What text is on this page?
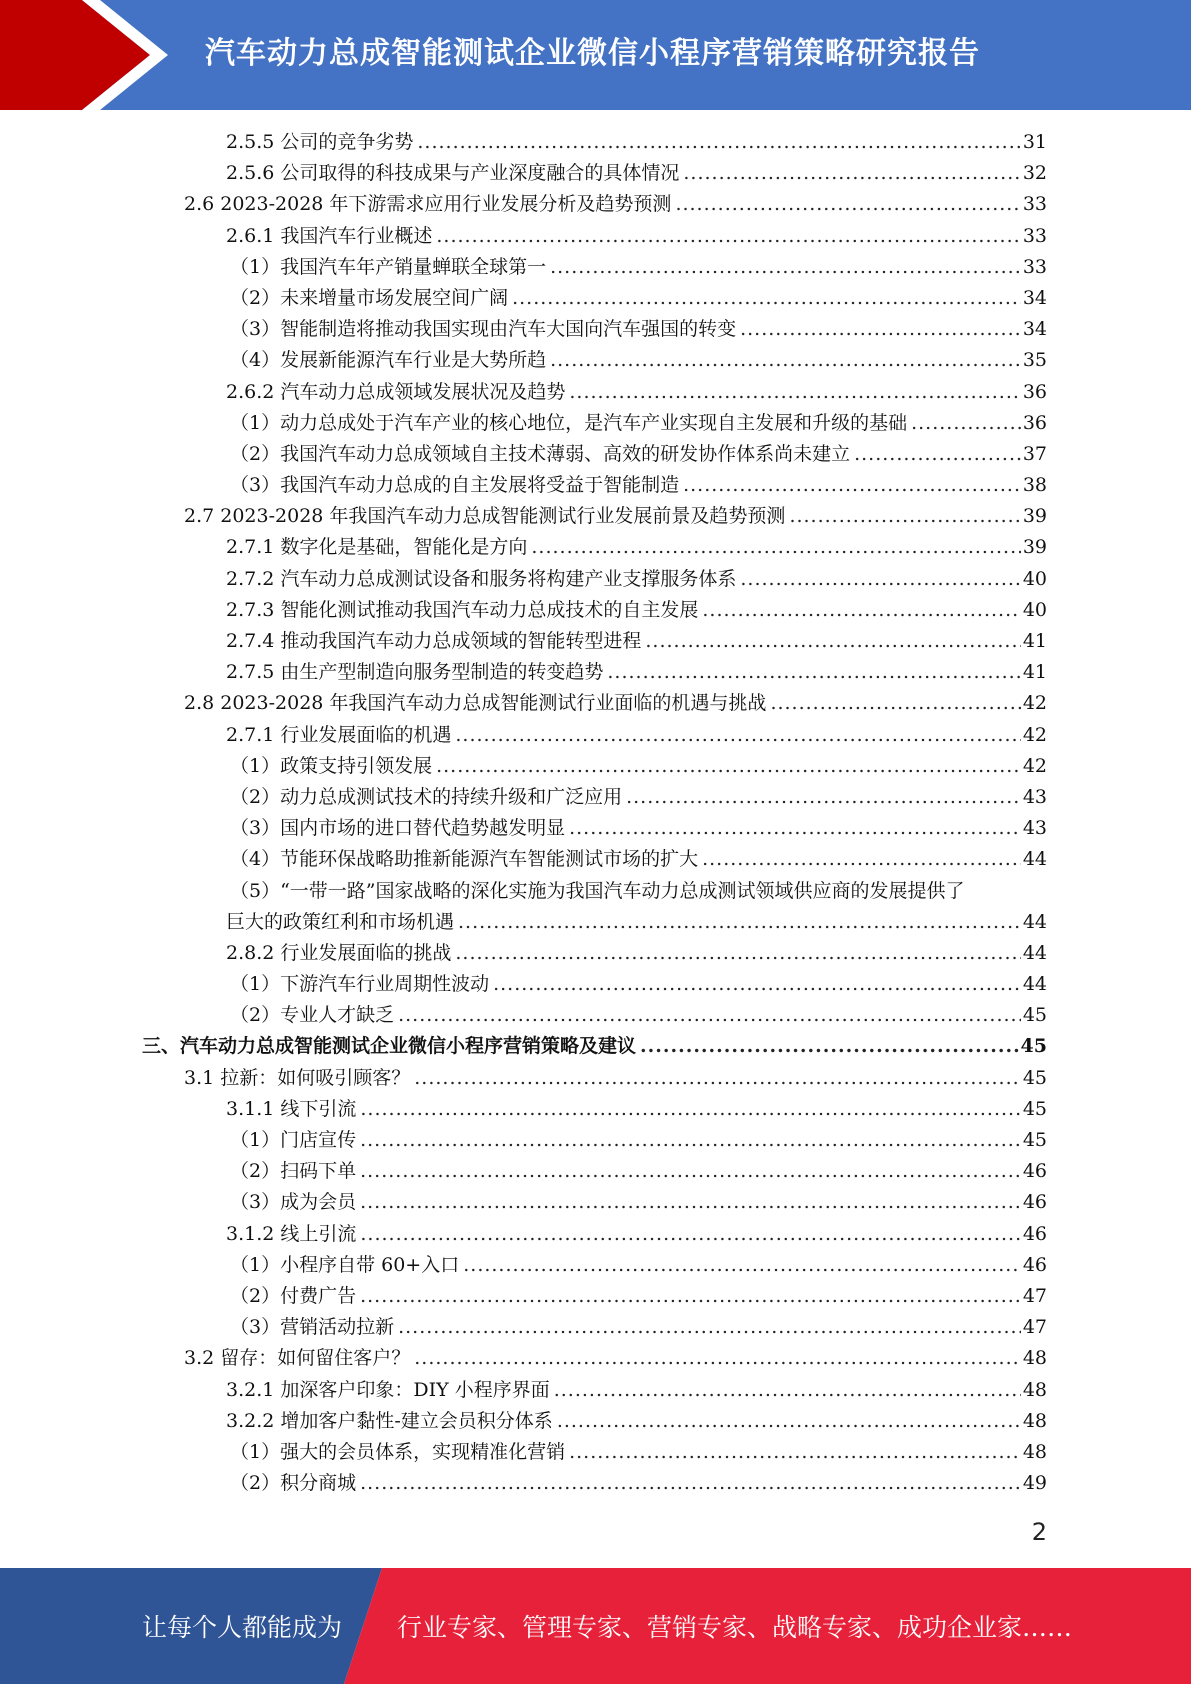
汽车动力总成智能测试企业微信小程序营销策略研究报告
2.5.5 公司的竞争劣势 .....	31
2.5.6 公司取得的科技成果与产业深度融合的具体情况 .....	32
2.6 2023-2028 年下游需求应用行业发展分析及趋势预测 .....	33
2.6.1 我国汽车行业概述 .....	33
（1）我国汽车年产销量蝉联全球第一 .....	33
（2）未来增量市场发展空间广阔 .....	34
（3）智能制造将推动我国实现由汽车大国向汽车强国的转变 .....	34
（4）发展新能源汽车行业是大势所趋 .....	35
2.6.2 汽车动力总成领域发展状况及趋势 .....	36
（1）动力总成处于汽车产业的核心地位，是汽车产业实现自主发展和升级的基础 .....	36
（2）我国汽车动力总成领域自主技术薄弱、高效的研发协作体系尚未建立 .....	37
（3）我国汽车动力总成的自主发展将受益于智能制造 .....	38
2.7 2023-2028 年我国汽车动力总成智能测试行业发展前景及趋势预测 .....	39
2.7.1 数字化是基础，智能化是方向 .....	39
2.7.2 汽车动力总成测试设备和服务将构建产业支撑服务体系 .....	40
2.7.3 智能化测试推动我国汽车动力总成技术的自主发展 .....	40
2.7.4 推动我国汽车动力总成领域的智能转型进程 .....	41
2.7.5 由生产型制造向服务型制造的转变趋势 .....	41
2.8 2023-2028 年我国汽车动力总成智能测试行业面临的机遇与挑战 .....	42
2.7.1 行业发展面临的机遇 .....	42
（1）政策支持引领发展 .....	42
（2）动力总成测试技术的持续升级和广泛应用 .....	43
（3）国内市场的进口替代趋势越发明显 .....	43
（4）节能环保战略助推新能源汽车智能测试市场的扩大 .....	44
（5）“一带一路”国家战略的深化实施为我国汽车动力总成测试领域供应商的发展提供了
巨大的政策红利和市场机遇 .....	44
2.8.2 行业发展面临的挑战 .....	44
（1）下游汽车行业周期性波动 .....	44
（2）专业人才缺乏 .....	45
三、汽车动力总成智能测试企业微信小程序营销策略及建议 .....	45
3.1 拉新：如何吸引顾客？ .....	45
3.1.1 线下引流 .....	45
（1）门店宣传 .....	45
（2）扫码下单 .....	46
（3）成为会员 .....	46
3.1.2 线上引流 .....	46
（1）小程序自带 60+入口 .....	46
（2）付费广告 .....	47
（3）营销活动拉新 .....	47
3.2 留存：如何留住客户？ .....	48
3.2.1 加深客户印象：DIY 小程序界面 .....	48
3.2.2 增加客户黏性-建立会员积分体系 .....	48
（1）强大的会员体系，实现精准化营销 .....	48
（2）积分商城 .....	49
2
让每个人都能成为 行业专家、管理专家、营销专家、战略专家、成功企业家……
